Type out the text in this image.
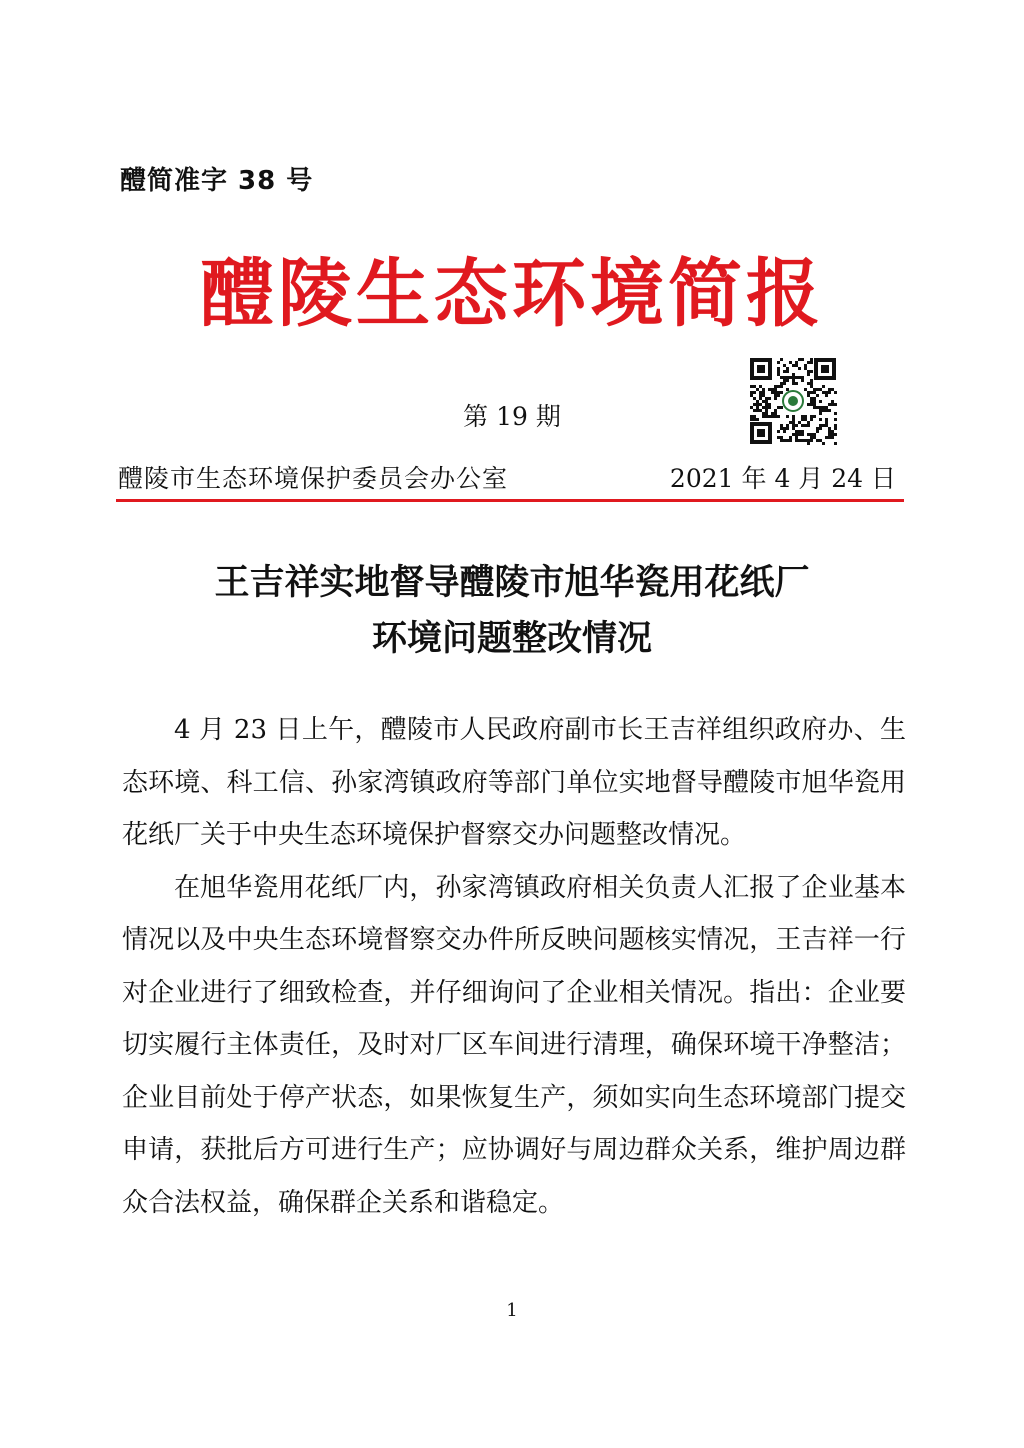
醴简准字 38 号
醴陵生态环境简报
第 19 期
醴陵市生态环境保护委员会办公室	2021 年 4 月 24 日
王吉祥实地督导醴陵市旭华瓷用花纸厂
环境问题整改情况

4 月 23 日上午，醴陵市人民政府副市长王吉祥组织政府办、生态环境、科工信、孙家湾镇政府等部门单位实地督导醴陵市旭华瓷用花纸厂关于中央生态环境保护督察交办问题整改情况。

在旭华瓷用花纸厂内，孙家湾镇政府相关负责人汇报了企业基本情况以及中央生态环境督察交办件所反映问题核实情况，王吉祥一行对企业进行了细致检查，并仔细询问了企业相关情况。指出：企业要切实履行主体责任，及时对厂区车间进行清理，确保环境干净整洁；企业目前处于停产状态，如果恢复生产，须如实向生态环境部门提交申请，获批后方可进行生产；应协调好与周边群众关系，维护周边群众合法权益，确保群企关系和谐稳定。

1
